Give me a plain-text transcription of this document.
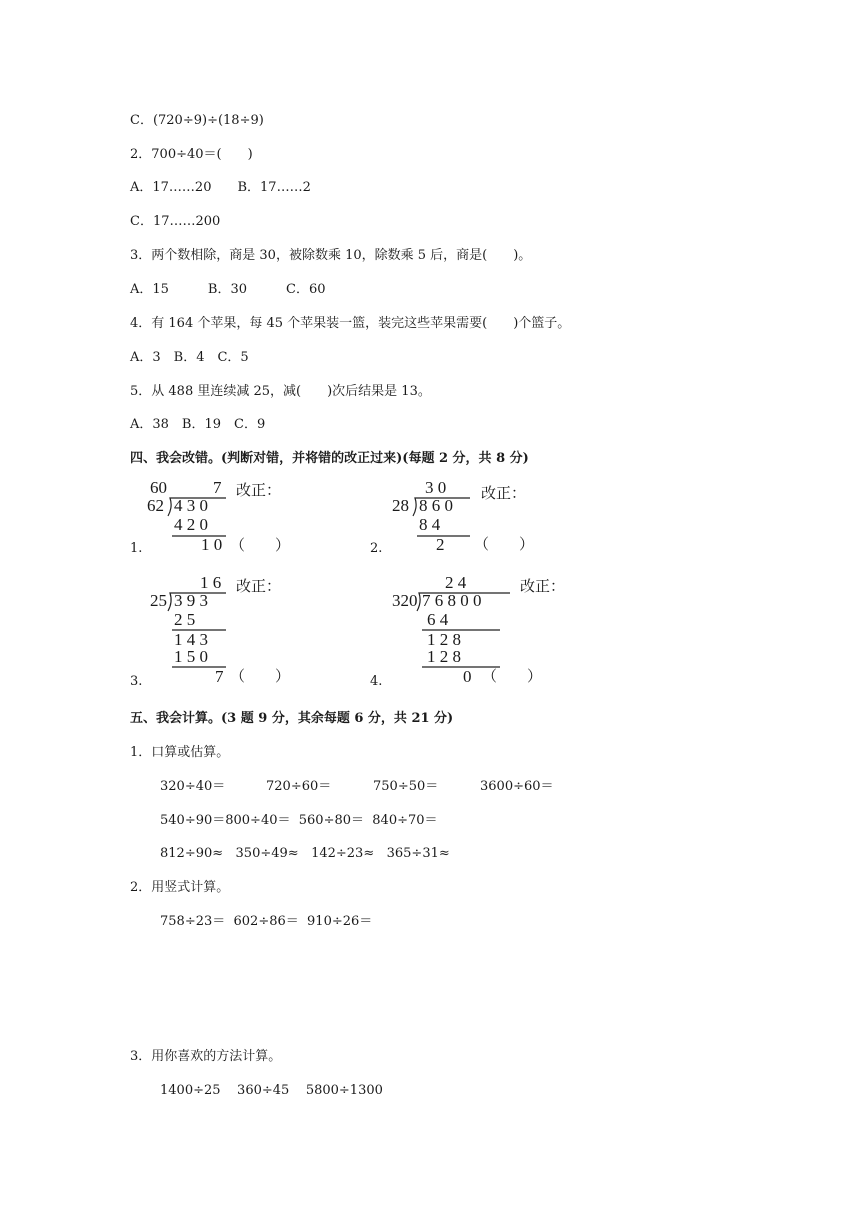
C．(720÷9)÷(18÷9)
2．700÷40＝(　　)
A．17……20　　B．17……2
C．17……200
3．两个数相除，商是 30，被除数乘 10，除数乘 5 后，商是(　　)。
A．15　　　B．30　　　C．60
4．有 164 个苹果，每 45 个苹果装一篮，装完这些苹果需要(　　)个篮子。
A．3　B．4　C．5
5．从 488 里连续减 25，减(　　)次后结果是 13。
A．38　B．19　C．9
四、我会改错。(判断对错，并将错的改正过来)(每题 2 分，共 8 分)
1.
60	7 改正：
62 4 3 0
4 2 0
1 0 （　　）	2.
3 0 改正：
28 8 6 0
8 4
2 （　　）
3.
1 6 改正：
25 3 9 3
2 5
1 4 3
1 5 0
7 （　　）	4.
2 4	改正：
320 7 6 8 0 0
6 4
1 2 8
1 2 8
0 （　　）
五、我会计算。(3 题 9 分，其余每题 6 分，共 21 分)
1．口算或估算。
320÷40＝	720÷60＝	750÷50＝	3600÷60＝
540÷90＝800÷40＝  560÷80＝  840÷70＝
812÷90≈   350÷49≈   142÷23≈   365÷31≈
2．用竖式计算。
758÷23＝  602÷86＝  910÷26＝
3．用你喜欢的方法计算。
1400÷25    360÷45    5800÷1300
